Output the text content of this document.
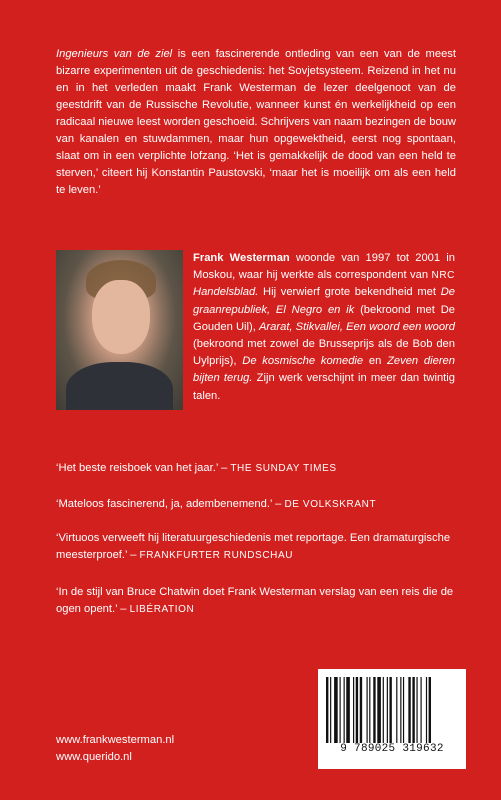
Ingenieurs van de ziel is een fascinerende ontleding van een van de meest bizarre experimenten uit de geschiedenis: het Sovjetsysteem. Reizend in het nu en in het verleden maakt Frank Westerman de lezer deelgenoot van de geestdrift van de Russische Revolutie, wanneer kunst én werkelijkheid op een radicaal nieuwe leest worden geschoeid. Schrijvers van naam bezingen de bouw van kanalen en stuwdammen, maar hun opgewektheid, eerst nog spontaan, slaat om in een verplichte lofzang. ‘Het is gemakkelijk de dood van een held te sterven,’ citeert hij Konstantin Paustovski, ‘maar het is moeilijk om als een held te leven.’
Frank Westerman woonde van 1997 tot 2001 in Moskou, waar hij werkte als correspondent van NRC Handelsblad. Hij verwierf grote bekendheid met De graanrepubliek, El Negro en ik (bekroond met De Gouden Uil), Ararat, Stikvallei, Een woord een woord (bekroond met zowel de Brusseprijs als de Bob den Uylprijs), De kosmische komedie en Zeven dieren bijten terug. Zijn werk verschijnt in meer dan twintig talen.
‘Het beste reisboek van het jaar.’ – THE SUNDAY TIMES
‘Mateloos fascinerend, ja, adembenemend.’ – DE VOLKSKRANT
‘Virtuoos verweeft hij literatuurgeschiedenis met reportage. Een dramaturgische meesterproef.’ – FRANKFURTER RUNDSCHAU
‘In de stijl van Bruce Chatwin doet Frank Westerman verslag van een reis die de ogen opent.’ – LIBÉRATION
9 789025 319632
www.frankwesterman.nl
www.querido.nl
